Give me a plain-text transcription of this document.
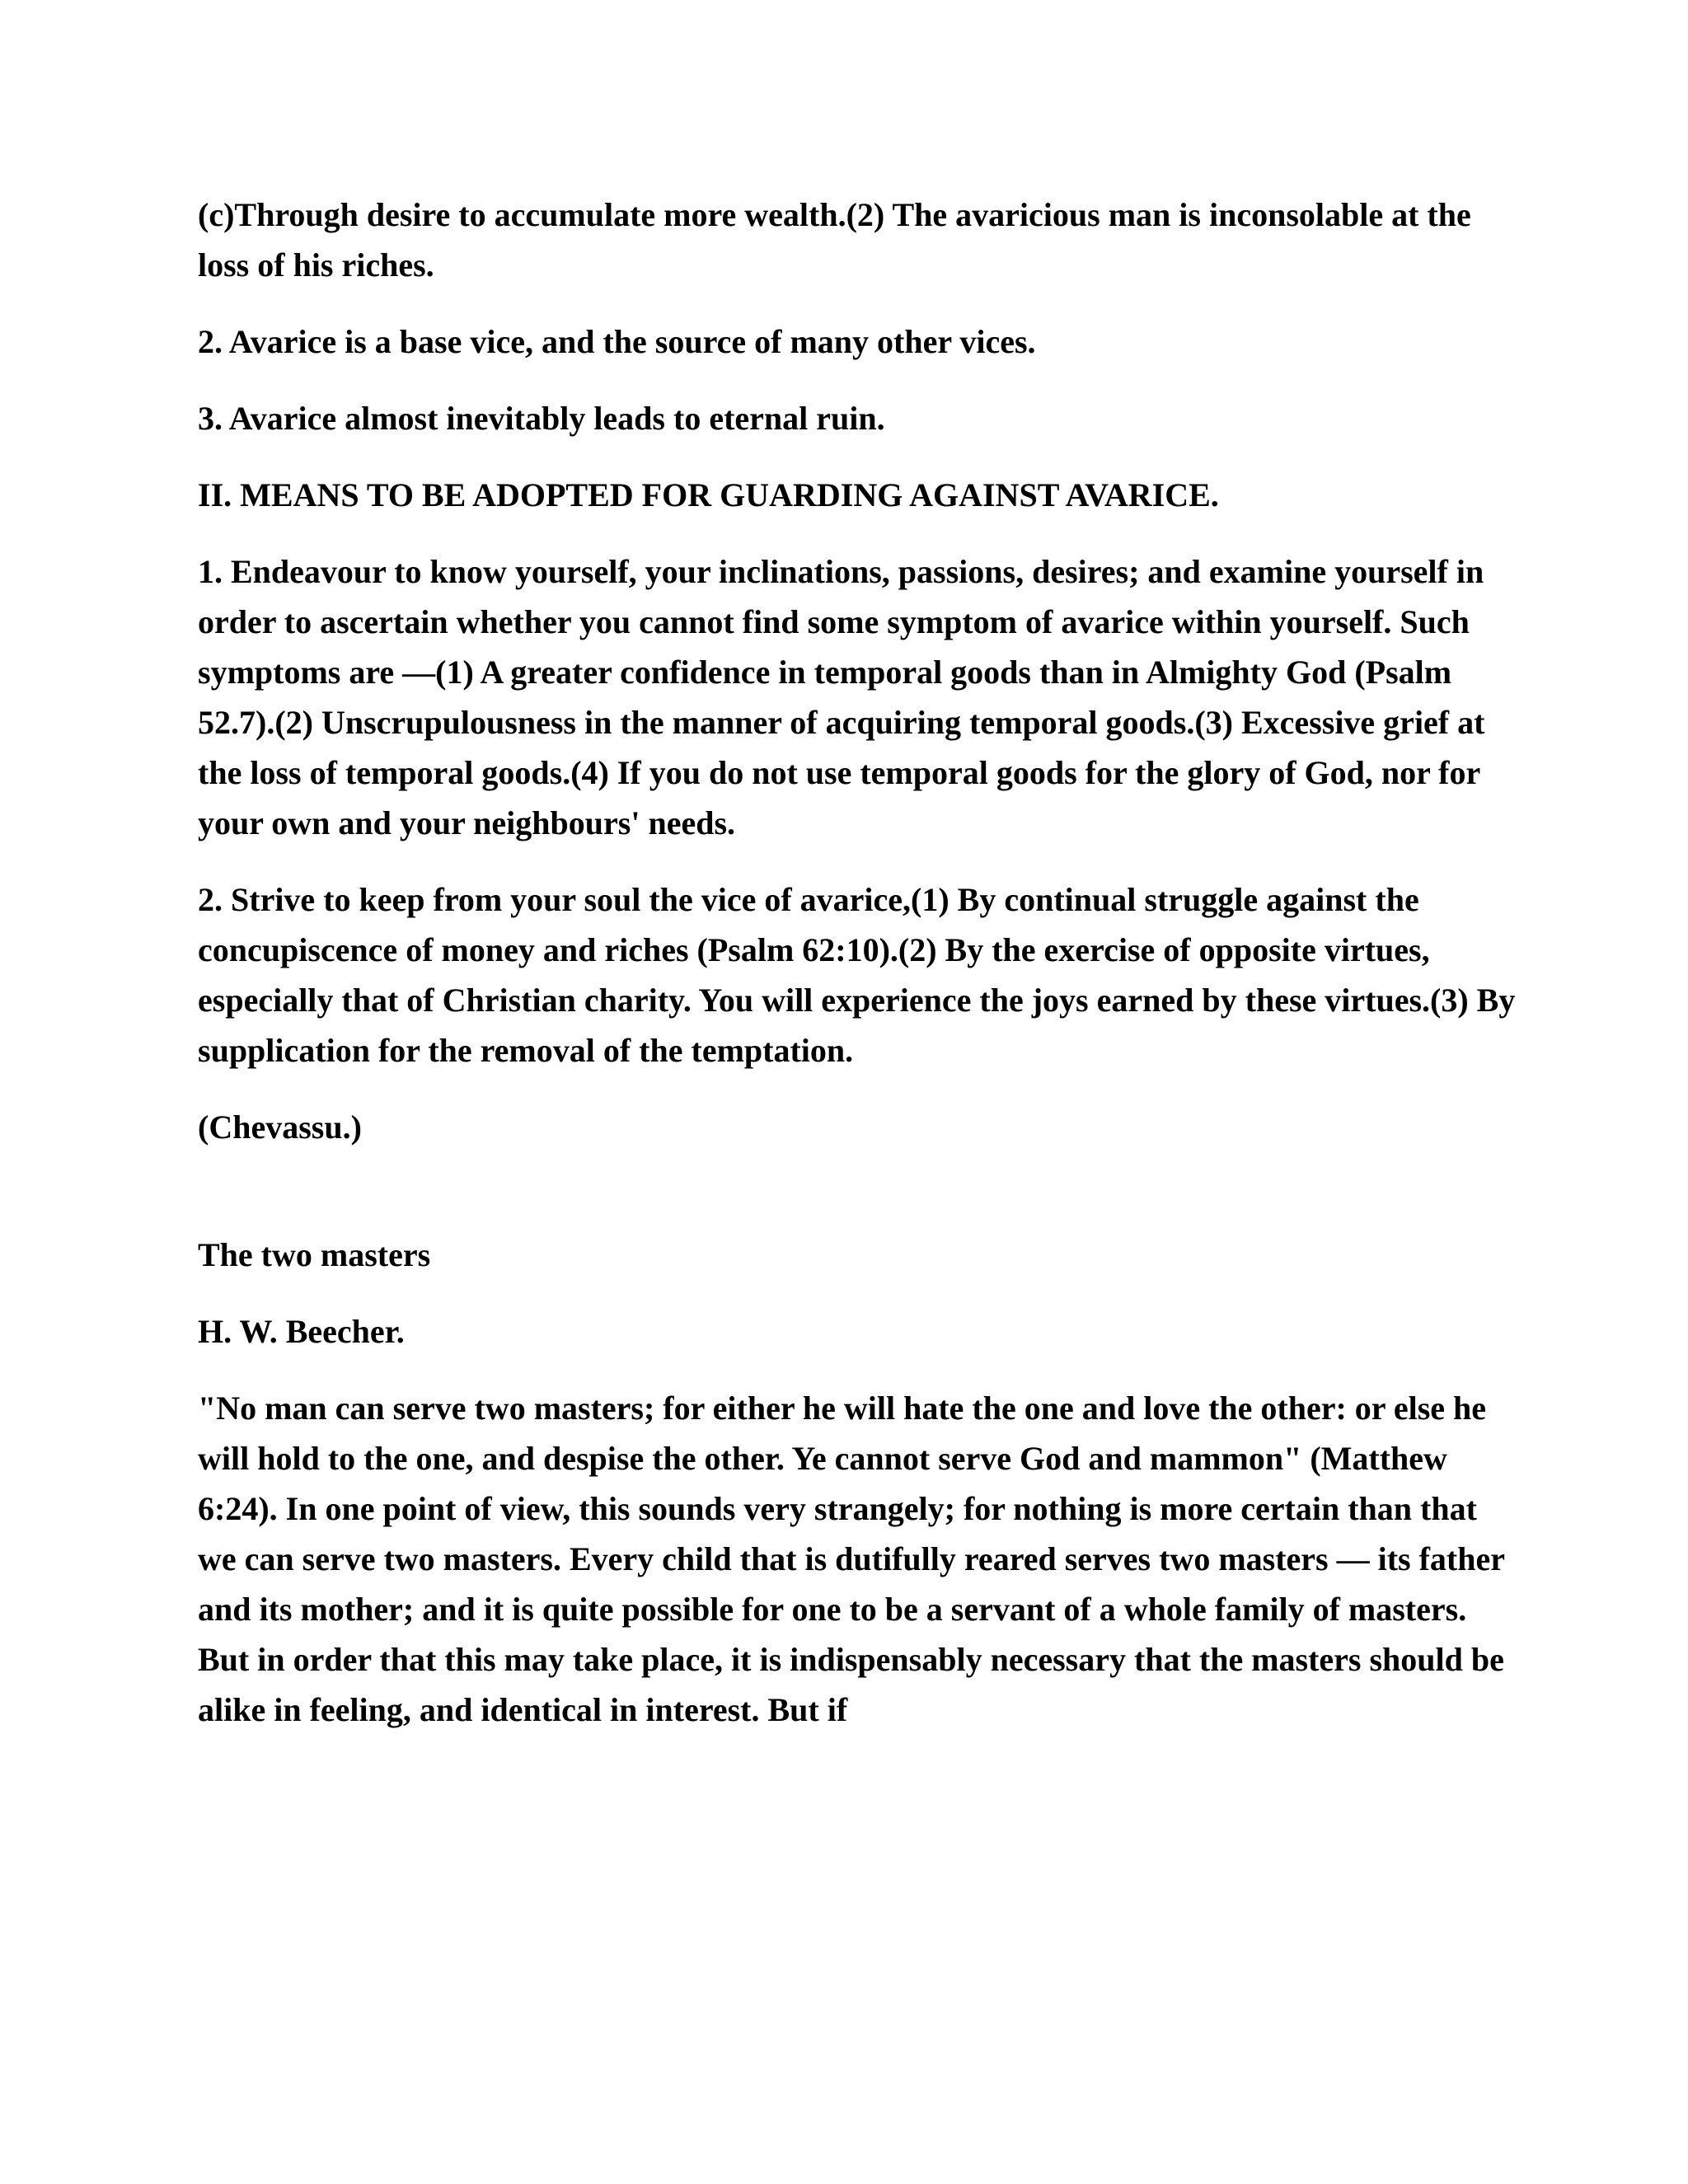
(c)Through desire to accumulate more wealth.(2) The avaricious man is inconsolable at the loss of his riches.

2. Avarice is a base vice, and the source of many other vices.

3. Avarice almost inevitably leads to eternal ruin.

II. MEANS TO BE ADOPTED FOR GUARDING AGAINST AVARICE.

1. Endeavour to know yourself, your inclinations, passions, desires; and examine yourself in order to ascertain whether you cannot find some symptom of avarice within yourself. Such symptoms are —(1) A greater confidence in temporal goods than in Almighty God (Psalm 52.7).(2) Unscrupulousness in the manner of acquiring temporal goods.(3) Excessive grief at the loss of temporal goods.(4) If you do not use temporal goods for the glory of God, nor for your own and your neighbours' needs.

2. Strive to keep from your soul the vice of avarice,(1) By continual struggle against the concupiscence of money and riches (Psalm 62:10).(2) By the exercise of opposite virtues, especially that of Christian charity. You will experience the joys earned by these virtues.(3) By supplication for the removal of the temptation.

(Chevassu.)

The two masters

H. W. Beecher.

"No man can serve two masters; for either he will hate the one and love the other: or else he will hold to the one, and despise the other. Ye cannot serve God and mammon" (Matthew 6:24). In one point of view, this sounds very strangely; for nothing is more certain than that we can serve two masters. Every child that is dutifully reared serves two masters — its father and its mother; and it is quite possible for one to be a servant of a whole family of masters. But in order that this may take place, it is indispensably necessary that the masters should be alike in feeling, and identical in interest. But if
